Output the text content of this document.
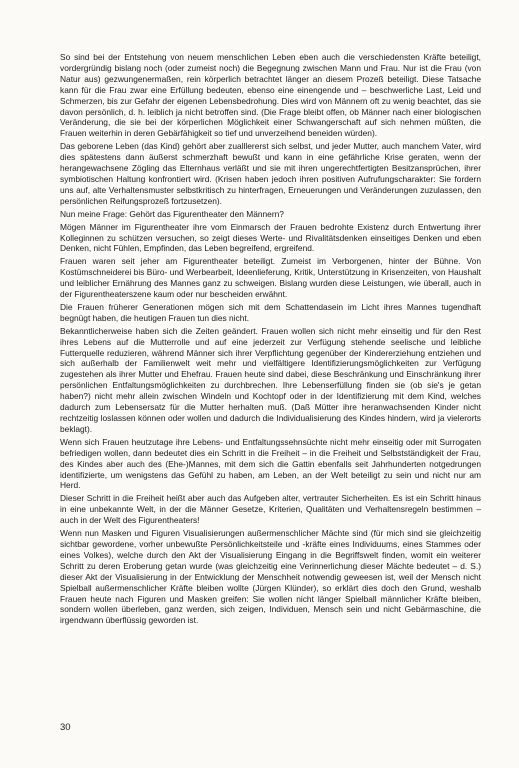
So sind bei der Entstehung von neuem menschlichen Leben eben auch die verschiedensten Kräfte beteiligt, vordergründig bislang noch (oder zumeist noch) die Begegnung zwischen Mann und Frau. Nur ist die Frau (von Natur aus) gezwungenermaßen, rein körperlich betrachtet länger an diesem Prozeß beteiligt. Diese Tatsache kann für die Frau zwar eine Erfüllung bedeuten, ebenso eine einengende und – beschwerliche Last, Leid und Schmerzen, bis zur Gefahr der eigenen Lebensbedrohung. Dies wird von Männern oft zu wenig beachtet, das sie davon persönlich, d. h. leiblich ja nicht betroffen sind. (Die Frage bleibt offen, ob Männer nach einer biologischen Veränderung, die sie bei der körperlichen Möglichkeit einer Schwangerschaft auf sich nehmen müßten, die Frauen weiterhin in deren Gebärfähigkeit so tief und unverzeihend beneiden würden).

Das geborene Leben (das Kind) gehört aber zualllererst sich selbst, und jeder Mutter, auch manchem Vater, wird dies spätestens dann äußerst schmerzhaft bewußt und kann in eine gefährliche Krise geraten, wenn der herangewachsene Zögling das Elternhaus verläßt und sie mit ihren ungerechtfertigten Besitzansprüchen, ihrer symbiotischen Haltung konfrontiert wird. (Krisen haben jedoch ihren positiven Aufrufungscharakter: Sie fordern uns auf, alte Verhaltensmuster selbstkritisch zu hinterfragen, Erneuerungen und Veränderungen zuzulassen, den persönlichen Reifungsprozeß fortzusetzen).

Nun meine Frage: Gehört das Figurentheater den Männern?

Mögen Männer im Figurentheater ihre vom Einmarsch der Frauen bedrohte Existenz durch Entwertung ihrer Kolleginnen zu schützen versuchen, so zeigt dieses Werte- und Rivalitätsdenken einseitiges Denken und eben Denken, nicht Fühlen, Empfinden, das Leben begreifend, ergreifend.

Frauen waren seit jeher am Figurentheater beteiligt. Zumeist im Verborgenen, hinter der Bühne. Von Kostümschneiderei bis Büro- und Werbearbeit, Ideenlieferung, Kritik, Unterstützung in Krisenzeiten, von Haushalt und leiblicher Ernährung des Mannes ganz zu schweigen. Bislang wurden diese Leistungen, wie überall, auch in der Figurentheaterszene kaum oder nur bescheiden erwähnt.

Die Frauen früherer Generationen mögen sich mit dem Schattendasein im Licht ihres Mannes tugendhaft begnügt haben, die heutigen Frauen tun dies nicht.

Bekanntlicherweise haben sich die Zeiten geändert. Frauen wollen sich nicht mehr einseitig und für den Rest ihres Lebens auf die Mutterrolle und auf eine jederzeit zur Verfügung stehende seelische und leibliche Futterquelle reduzieren, während Männer sich ihrer Verpflichtung gegenüber der Kindererziehung entziehen und sich außerhalb der Familienwelt weit mehr und vielfältigere Identifizierungsmöglichkeiten zur Verfügung zugestehen als ihrer Mutter und Ehefrau. Frauen heute sind dabei, diese Beschränkung und Einschränkung ihrer persönlichen Entfaltungsmöglichkeiten zu durchbrechen. Ihre Lebenserfüllung finden sie (ob sie's je getan haben?) nicht mehr allein zwischen Windeln und Kochtopf oder in der Identifizierung mit dem Kind, welches dadurch zum Lebensersatz für die Mutter herhalten muß. (Daß Mütter ihre heranwachsenden Kinder nicht rechtzeitig loslassen können oder wollen und dadurch die Individualisierung des Kindes hindern, wird ja vielerorts beklagt).

Wenn sich Frauen heutzutage ihre Lebens- und Entfaltungssehnsüchte nicht mehr einseitig oder mit Surrogaten befriedigen wollen, dann bedeutet dies ein Schritt in die Freiheit – in die Freiheit und Selbstständigkeit der Frau, des Kindes aber auch des (Ehe-)Mannes, mit dem sich die Gattin ebenfalls seit Jahrhunderten notgedrungen identifizierte, um wenigstens das Gefühl zu haben, am Leben, an der Welt beteiligt zu sein und nicht nur am Herd.

Dieser Schritt in die Freiheit heißt aber auch das Aufgeben alter, vertrauter Sicherheiten. Es ist ein Schritt hinaus in eine unbekannte Welt, in der die Männer Gesetze, Kriterien, Qualitäten und Verhaltensregeln bestimmen – auch in der Welt des Figurentheaters!

Wenn nun Masken und Figuren Visualisierungen außermenschlicher Mächte sind (für mich sind sie gleichzeitig sichtbar gewordene, vorher unbewußte Persönlichkeitsteile und -kräfte eines Individuums, eines Stammes oder eines Volkes), welche durch den Akt der Visualisierung Eingang in die Begriffswelt finden, womit ein weiterer Schritt zu deren Eroberung getan wurde (was gleichzeitig eine Verinnerlichung dieser Mächte bedeutet – d. S.) dieser Akt der Visualisierung in der Entwicklung der Menschheit notwendig geweesen ist, weil der Mensch nicht Spielball außermenschlicher Kräfte bleiben wollte (Jürgen Klünder), so erklärt dies doch den Grund, weshalb Frauen heute nach Figuren und Masken greifen: Sie wollen nicht länger Spielball männlicher Kräfte bleiben, sondern wollen überleben, ganz werden, sich zeigen, Individuen, Mensch sein und nicht Gebärmaschine, die irgendwann überflüssig geworden ist.

30
